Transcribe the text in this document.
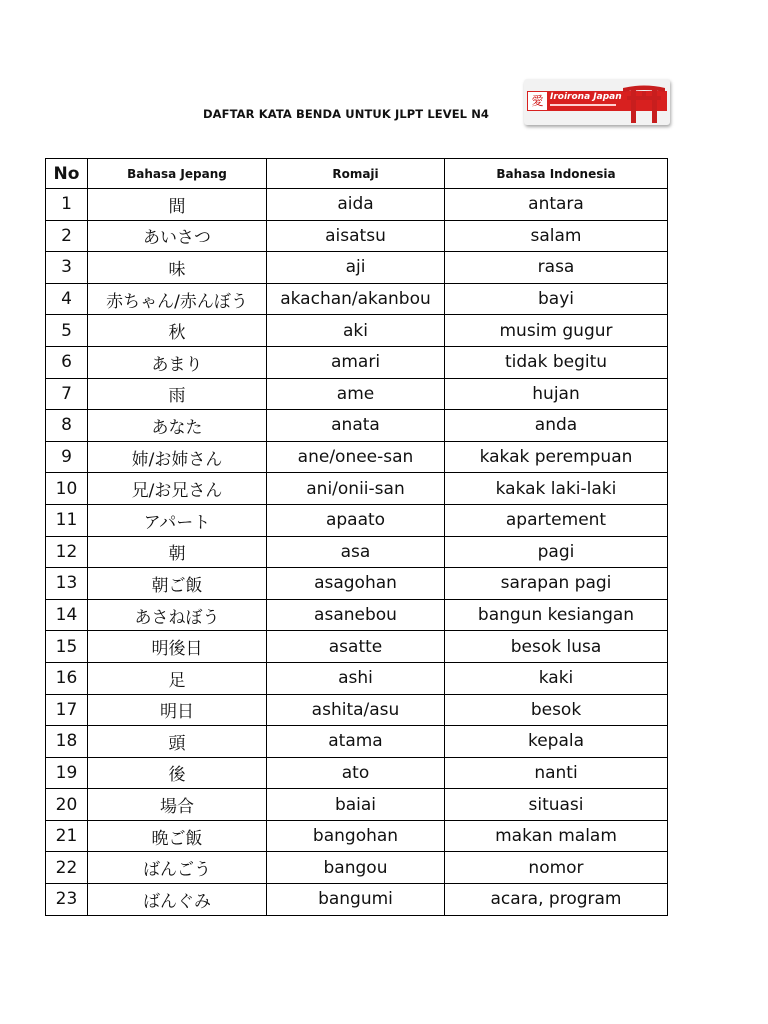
DAFTAR KATA BENDA UNTUK JLPT LEVEL N4
愛 Iroirona Japan
No	Bahasa Jepang	Romaji	Bahasa Indonesia
1	間	aida	antara
2	あいさつ	aisatsu	salam
3	味	aji	rasa
4	赤ちゃん/赤んぼう	akachan/akanbou	bayi
5	秋	aki	musim gugur
6	あまり	amari	tidak begitu
7	雨	ame	hujan
8	あなた	anata	anda
9	姉/お姉さん	ane/onee-san	kakak perempuan
10	兄/お兄さん	ani/onii-san	kakak laki-laki
11	アパート	apaato	apartement
12	朝	asa	pagi
13	朝ご飯	asagohan	sarapan pagi
14	あさねぼう	asanebou	bangun kesiangan
15	明後日	asatte	besok lusa
16	足	ashi	kaki
17	明日	ashita/asu	besok
18	頭	atama	kepala
19	後	ato	nanti
20	場合	baiai	situasi
21	晩ご飯	bangohan	makan malam
22	ばんごう	bangou	nomor
23	ばんぐみ	bangumi	acara, program
